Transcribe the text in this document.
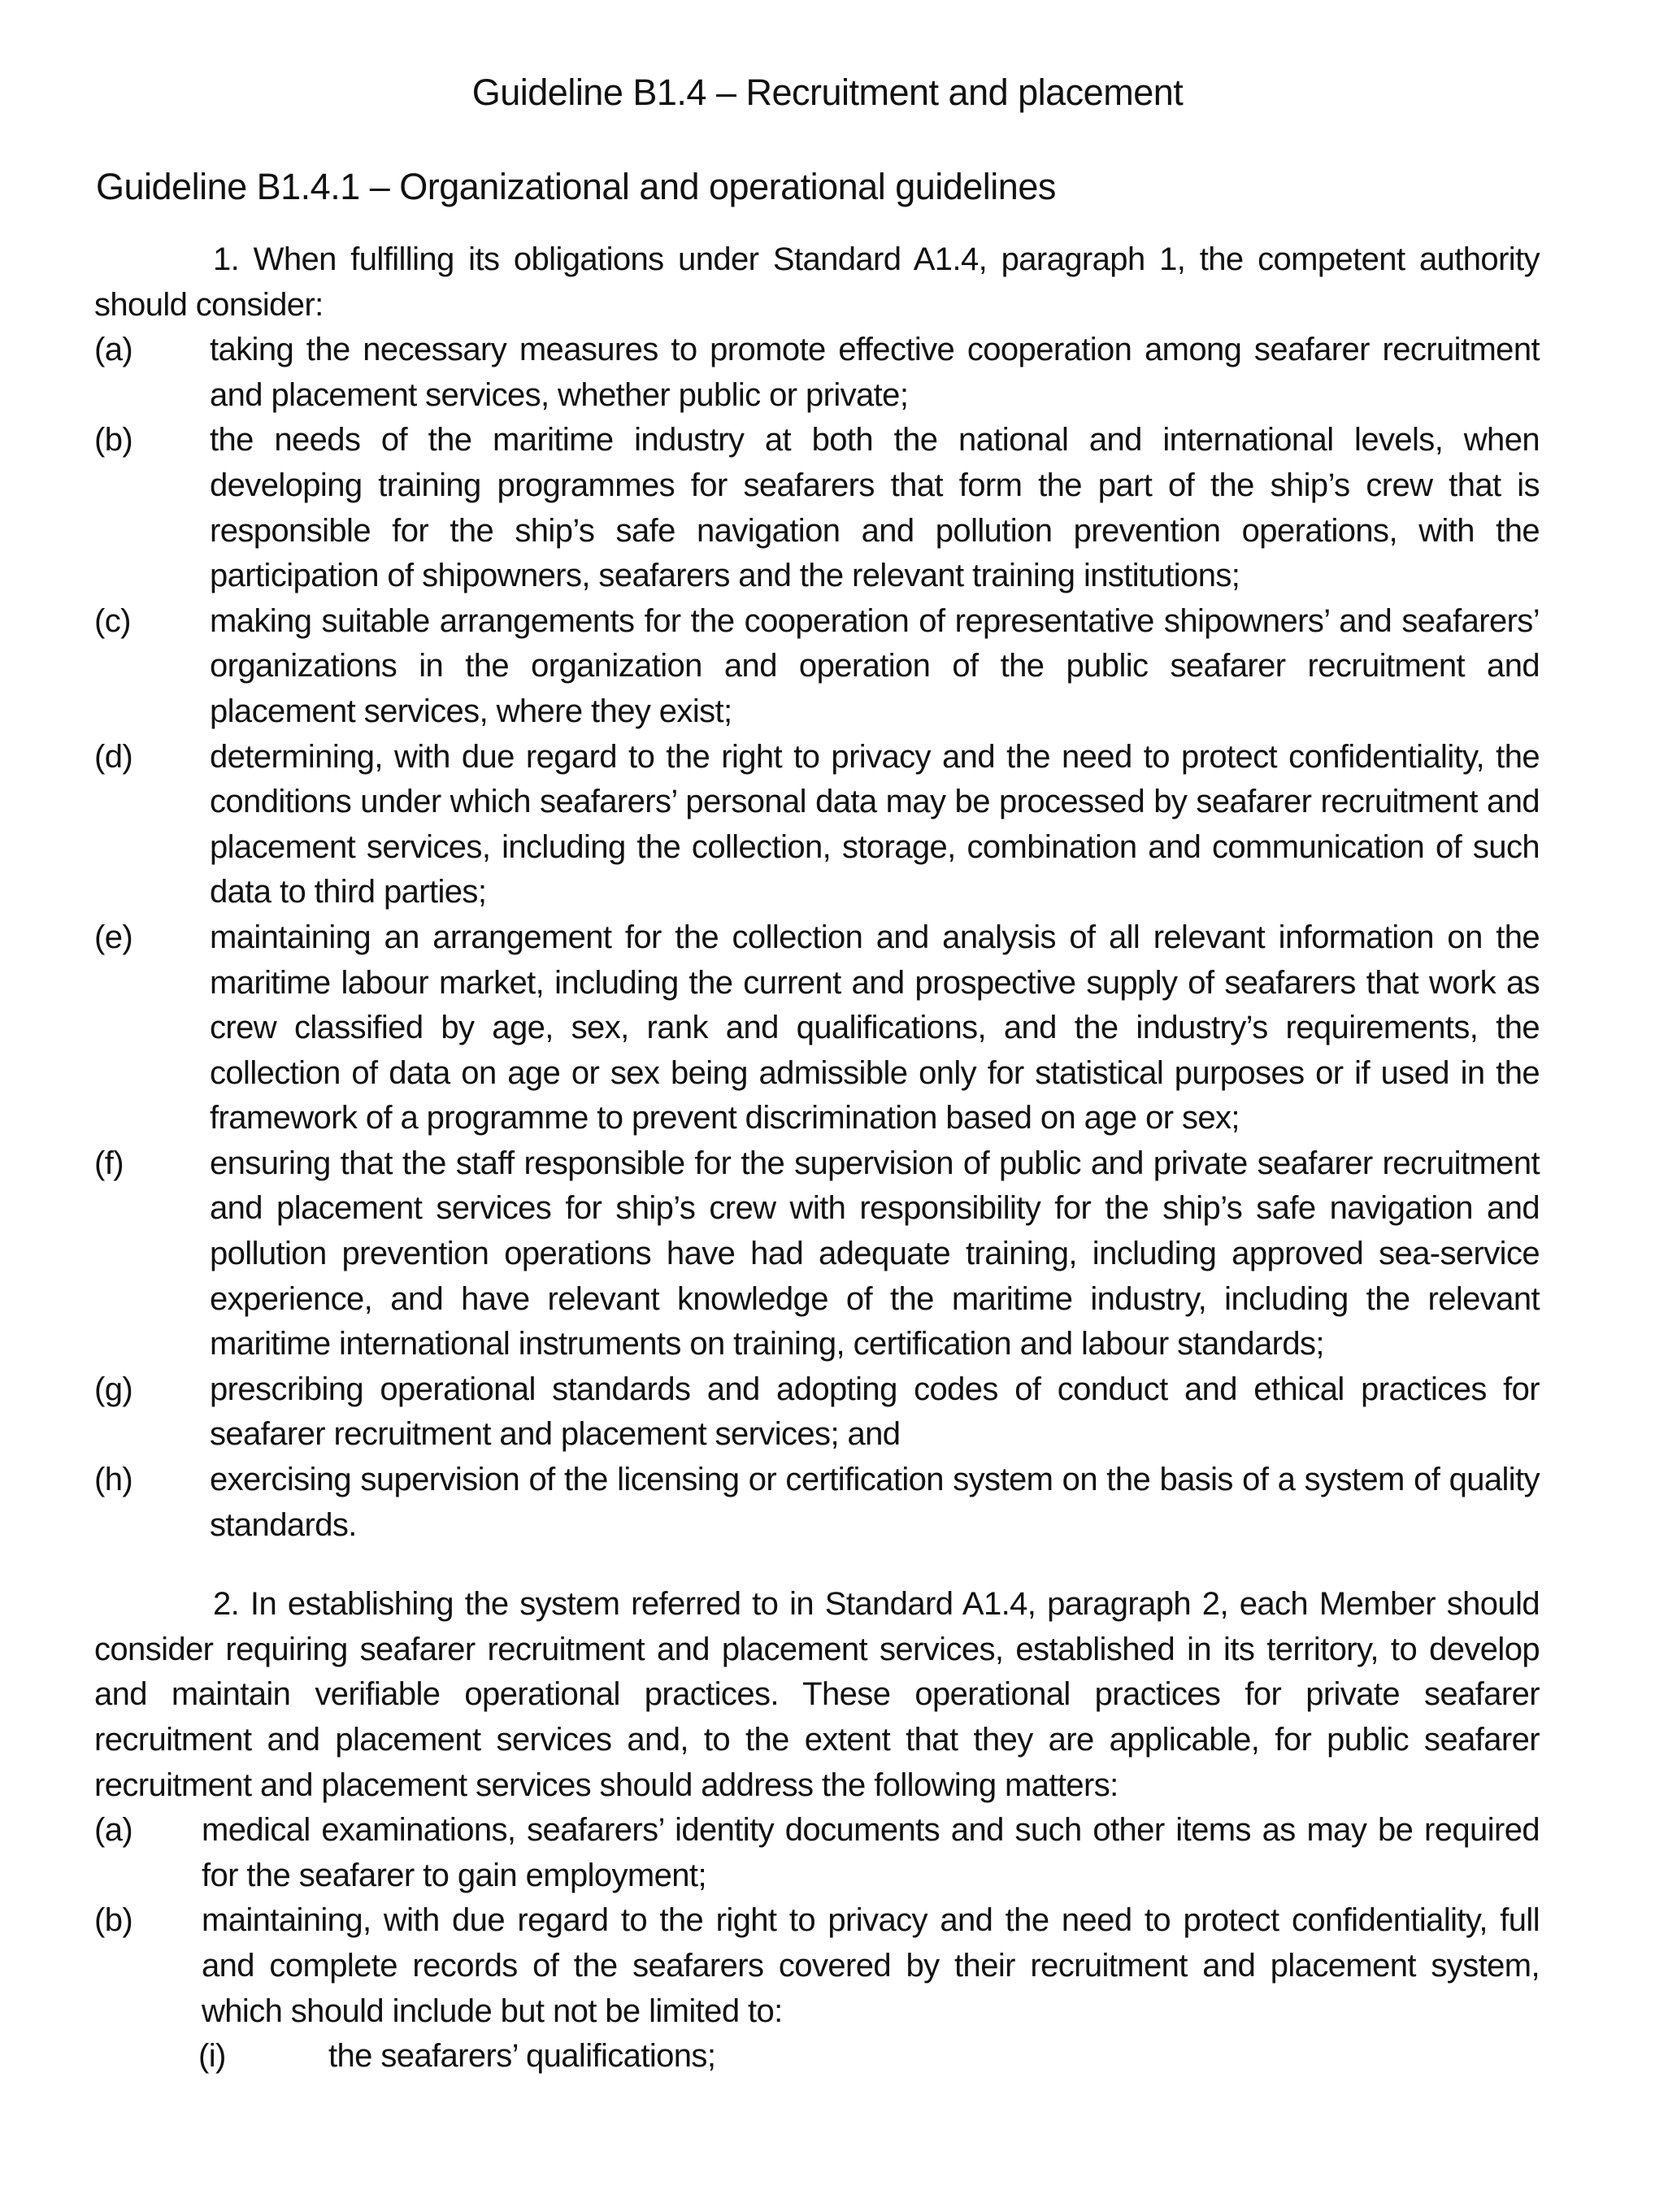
Guideline B1.4 – Recruitment and placement
Guideline B1.4.1 – Organizational and operational guidelines

1. When fulfilling its obligations under Standard A1.4, paragraph 1, the competent authority should consider:

(a)	taking the necessary measures to promote effective cooperation among seafarer recruitment and placement services, whether public or private;
(b)	the needs of the maritime industry at both the national and international levels, when developing training programmes for seafarers that form the part of the ship’s crew that is responsible for the ship’s safe navigation and pollution prevention operations, with the participation of shipowners, seafarers and the relevant training institutions;
(c)	making suitable arrangements for the cooperation of representative shipowners’ and seafarers’ organizations in the organization and operation of the public seafarer recruitment and placement services, where they exist;
(d)	determining, with due regard to the right to privacy and the need to protect confidentiality, the conditions under which seafarers’ personal data may be processed by seafarer recruitment and placement services, including the collection, storage, combination and communication of such data to third parties;
(e)	maintaining an arrangement for the collection and analysis of all relevant information on the maritime labour market, including the current and prospective supply of seafarers that work as crew classified by age, sex, rank and qualifications, and the industry’s requirements, the collection of data on age or sex being admissible only for statistical purposes or if used in the framework of a programme to prevent discrimination based on age or sex;
(f)	ensuring that the staff responsible for the supervision of public and private seafarer recruitment and placement services for ship’s crew with responsibility for the ship’s safe navigation and pollution prevention operations have had adequate training, including approved sea-service experience, and have relevant knowledge of the maritime industry, including the relevant maritime international instruments on training, certification and labour standards;
(g)	prescribing operational standards and adopting codes of conduct and ethical practices for seafarer recruitment and placement services; and
(h)	exercising supervision of the licensing or certification system on the basis of a system of quality standards.

2. In establishing the system referred to in Standard A1.4, paragraph 2, each Member should consider requiring seafarer recruitment and placement services, established in its territory, to develop and maintain verifiable operational practices. These operational practices for private seafarer recruitment and placement services and, to the extent that they are applicable, for public seafarer recruitment and placement services should address the following matters:

(a)	medical examinations, seafarers’ identity documents and such other items as may be required for the seafarer to gain employment;
(b)	maintaining, with due regard to the right to privacy and the need to protect confidentiality, full and complete records of the seafarers covered by their recruitment and placement system, which should include but not be limited to:
(i)	the seafarers’ qualifications;
